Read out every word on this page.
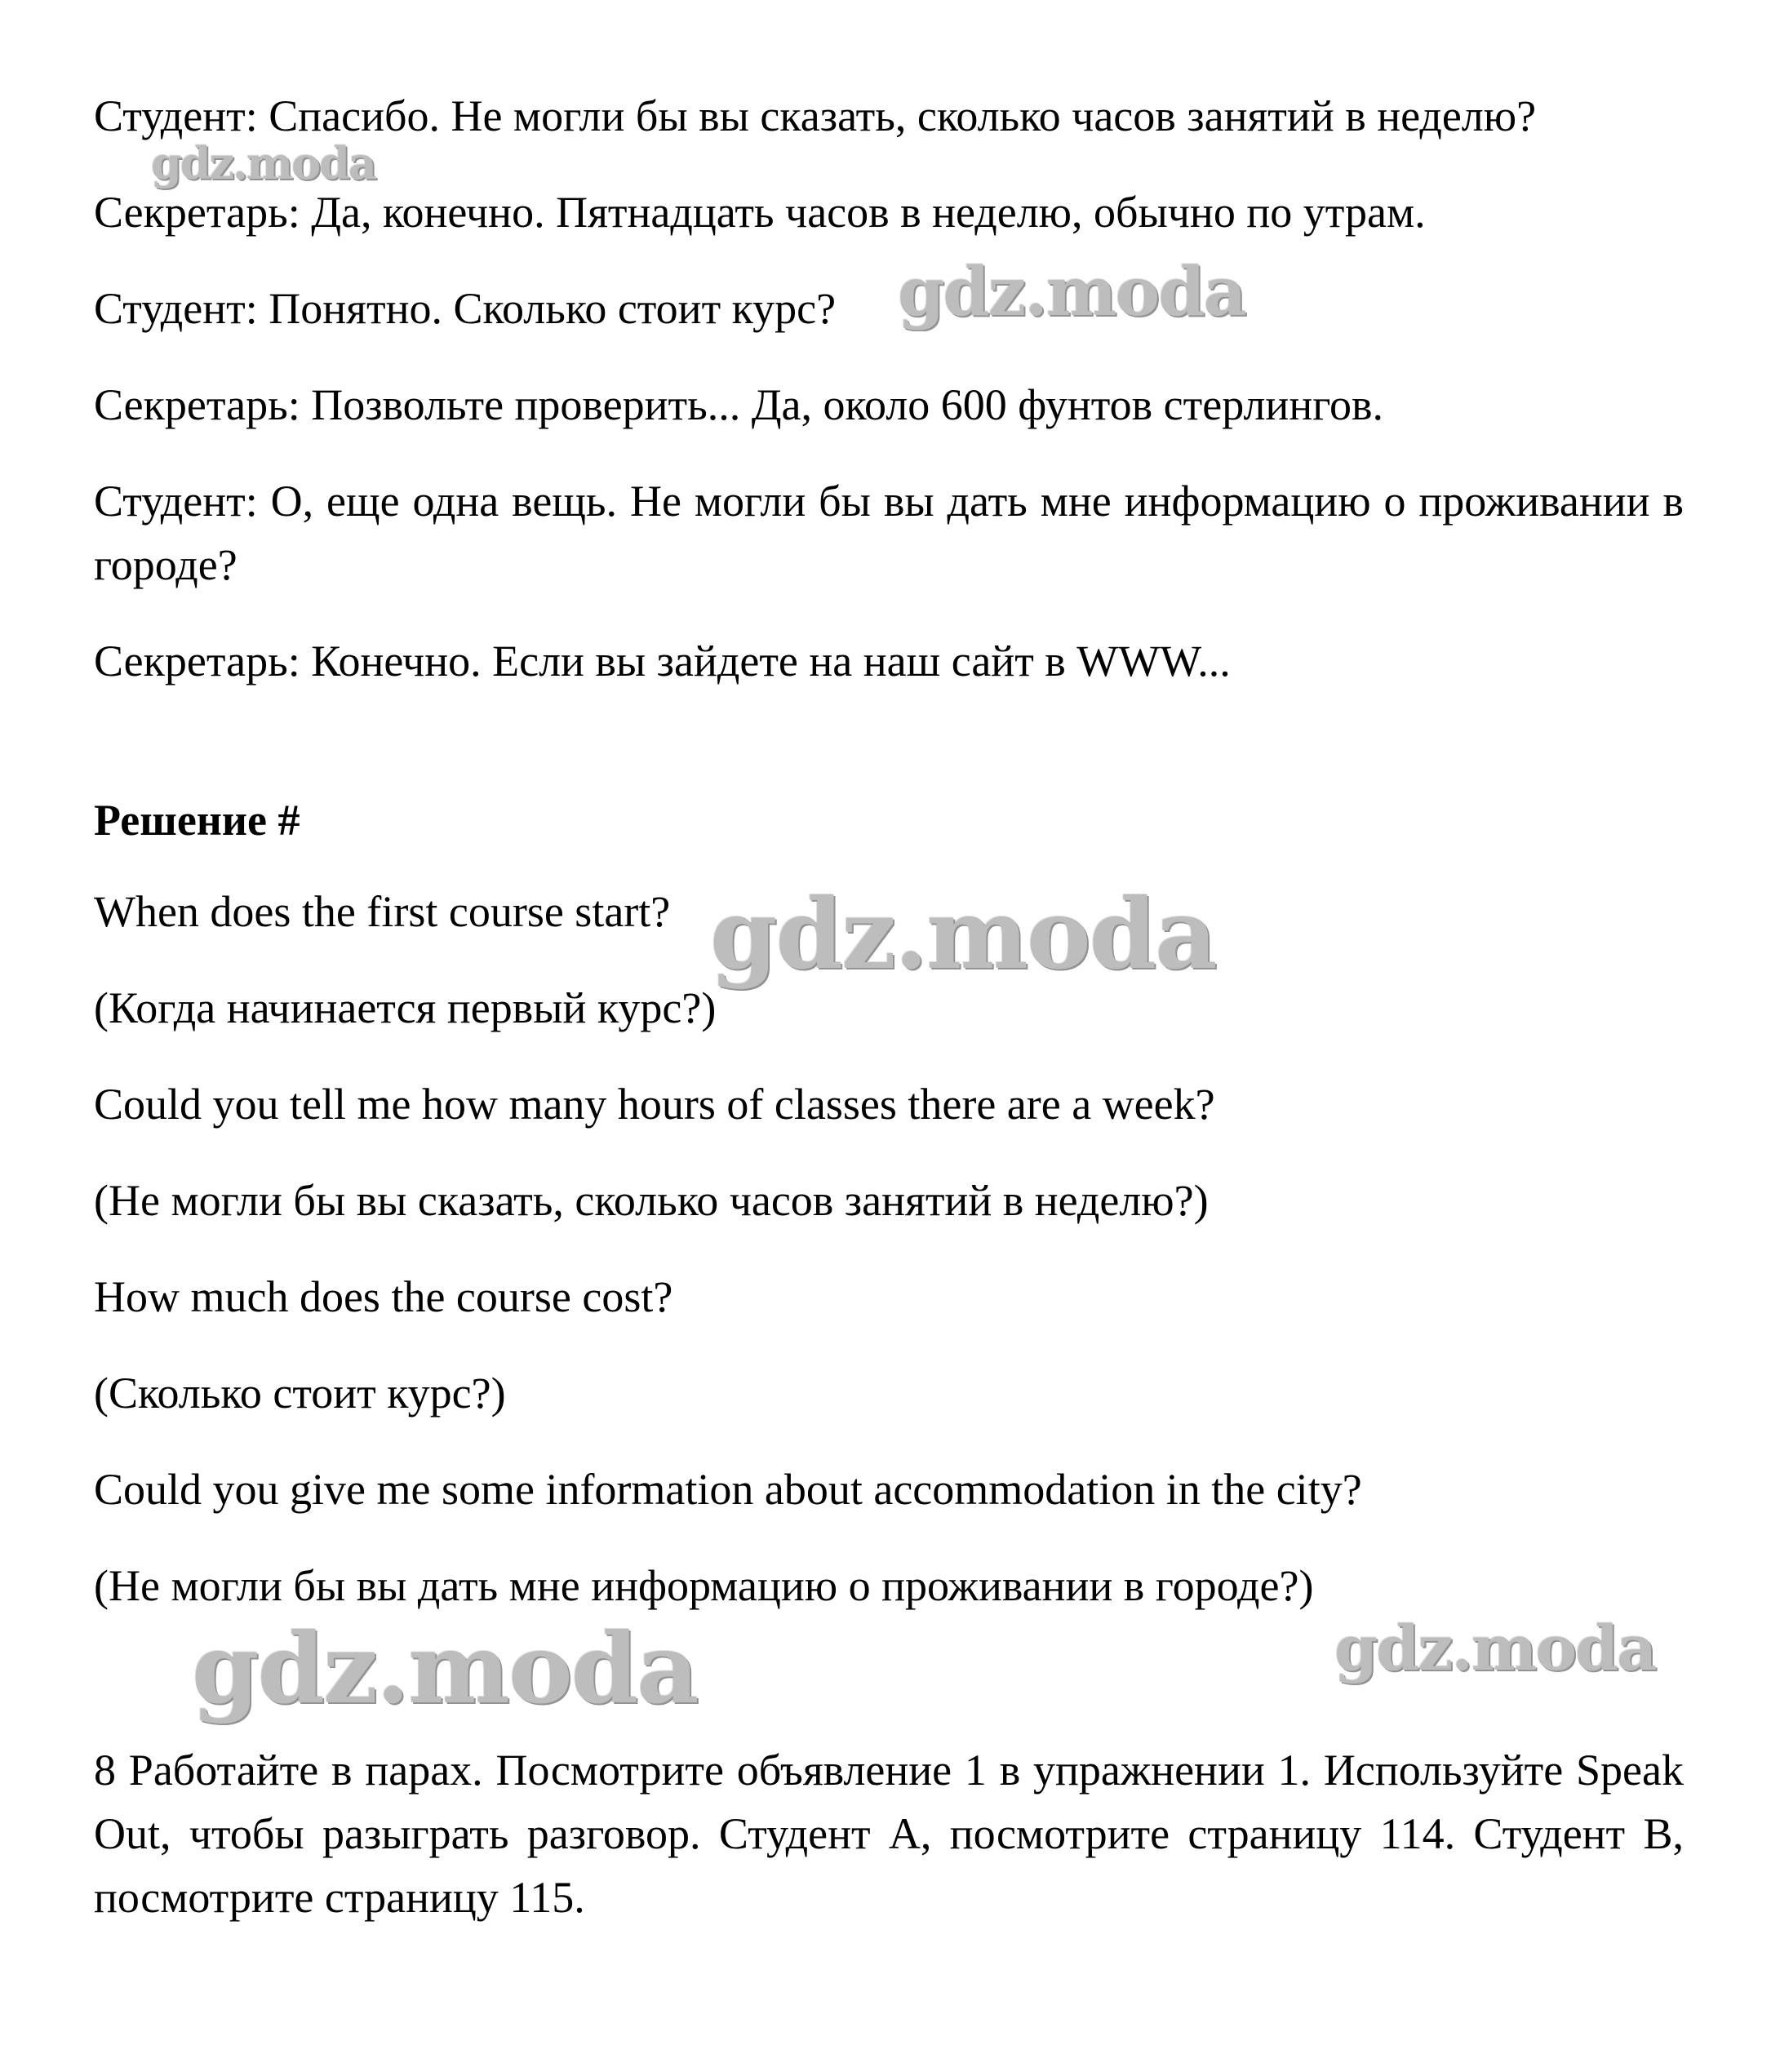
Студент: Спасибо. Не могли бы вы сказать, сколько часов занятий в неделю?

Секретарь: Да, конечно. Пятнадцать часов в неделю, обычно по утрам.

Студент: Понятно. Сколько стоит курс?

Секретарь: Позвольте проверить... Да, около 600 фунтов стерлингов.

Студент: О, еще одна вещь. Не могли бы вы дать мне информацию о проживании в городе?

Секретарь: Конечно. Если вы зайдете на наш сайт в WWW...

Решение #

When does the first course start?

(Когда начинается первый курс?)

Could you tell me how many hours of classes there are a week?

(Не могли бы вы сказать, сколько часов занятий в неделю?)

How much does the course cost?

(Сколько стоит курс?)

Could you give me some information about accommodation in the city?

(Не могли бы вы дать мне информацию о проживании в городе?)

8 Работайте в парах. Посмотрите объявление 1 в упражнении 1. Используйте Speak Out, чтобы разыграть разговор. Студент А, посмотрите страницу 114. Студент В, посмотрите страницу 115.

gdz.moda
gdz.moda
gdz.moda
gdz.moda	gdz.moda
